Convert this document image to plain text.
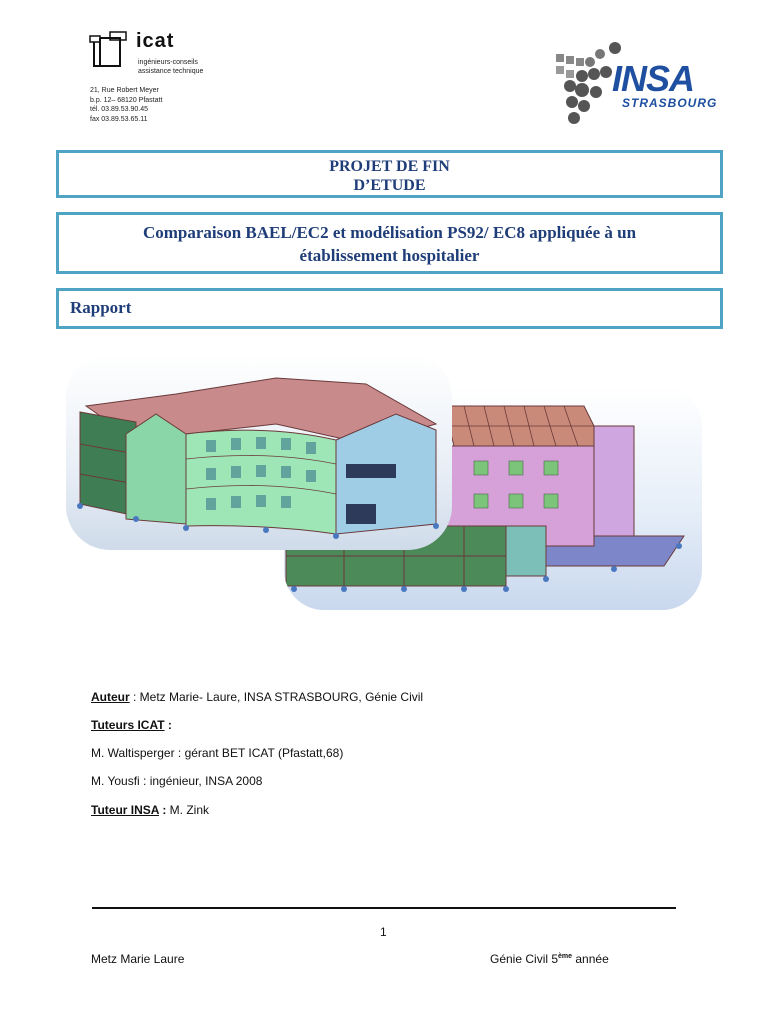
icat
ingénieurs-conseils
assistance technique
21, Rue Robert Meyer
b.p. 12– 68120 Pfastatt
tél. 03.89.53.90.45
fax 03.89.53.65.11
INSA
STRASBOURG
PROJET DE FIN
D’ETUDE
Comparaison BAEL/EC2 et modélisation PS92/ EC8 appliquée à un
établissement hospitalier
Rapport
Auteur : Metz Marie- Laure, INSA STRASBOURG, Génie Civil
Tuteurs ICAT :
M. Waltisperger : gérant BET ICAT (Pfastatt,68)
M. Yousfi : ingénieur, INSA 2008
Tuteur INSA : M. Zink
1
Metz Marie Laure	Génie Civil 5ème année
